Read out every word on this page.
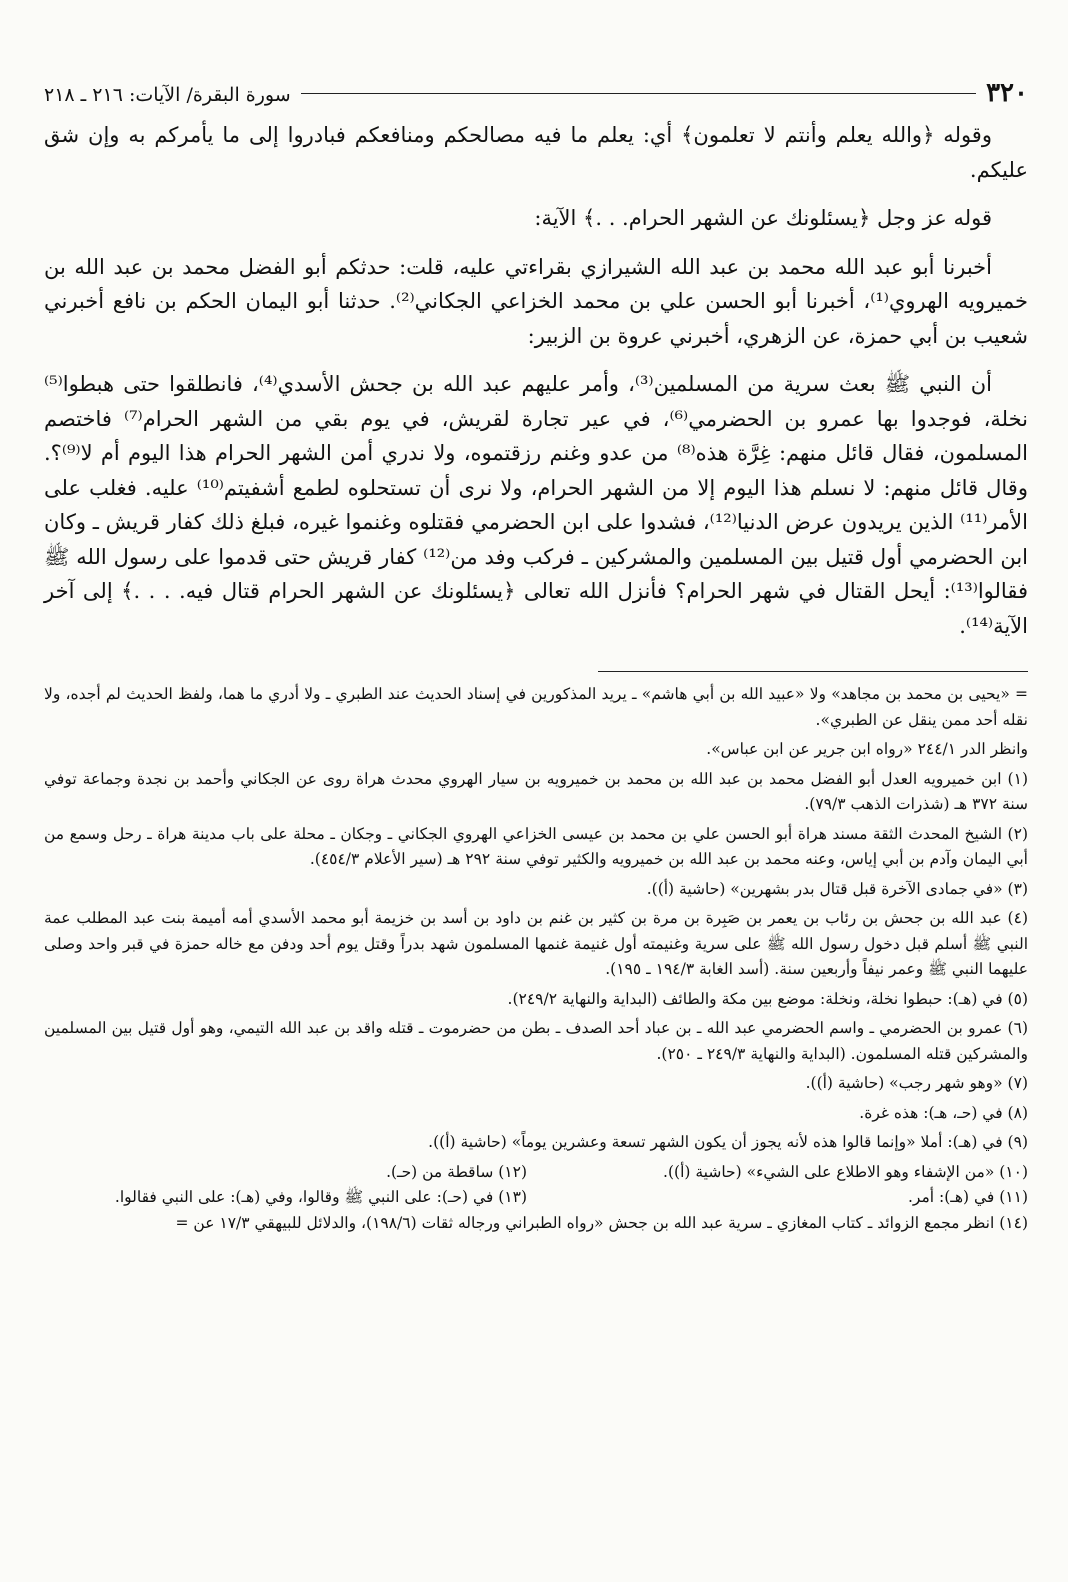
٣٢٠
سورة البقرة/ الآيات: ٢١٦ ـ ٢١٨

وقوله ﴿والله يعلم وأنتم لا تعلمون﴾ أي: يعلم ما فيه مصالحكم ومنافعكم فبادروا إلى ما يأمركم به وإن شق عليكم.

قوله عز وجل ﴿يسئلونك عن الشهر الحرام. . .﴾ الآية:

أخبرنا أبو عبد الله محمد بن عبد الله الشيرازي بقراءتي عليه، قلت: حدثكم أبو الفضل محمد بن عبد الله بن خميرويه الهروي⁽¹⁾، أخبرنا أبو الحسن علي بن محمد الخزاعي الجكاني⁽²⁾. حدثنا أبو اليمان الحكم بن نافع أخبرني شعيب بن أبي حمزة، عن الزهري، أخبرني عروة بن الزبير:

أن النبي ﷺ بعث سرية من المسلمين⁽³⁾، وأمر عليهم عبد الله بن جحش الأسدي⁽⁴⁾، فانطلقوا حتى هبطوا⁽⁵⁾ نخلة، فوجدوا بها عمرو بن الحضرمي⁽⁶⁾، في عير تجارة لقريش، في يوم بقي من الشهر الحرام⁽⁷⁾ فاختصم المسلمون، فقال قائل منهم: غِرَّة هذه⁽⁸⁾ من عدو وغنم رزقتموه، ولا ندري أمن الشهر الحرام هذا اليوم أم لا⁽⁹⁾؟. وقال قائل منهم: لا نسلم هذا اليوم إلا من الشهر الحرام، ولا نرى أن تستحلوه لطمع أشفيتم⁽¹⁰⁾ عليه. فغلب على الأمر⁽¹¹⁾ الذين يريدون عرض الدنيا⁽¹²⁾، فشدوا على ابن الحضرمي فقتلوه وغنموا غيره، فبلغ ذلك كفار قريش ـ وكان ابن الحضرمي أول قتيل بين المسلمين والمشركين ـ فركب وفد من⁽¹²⁾ كفار قريش حتى قدموا على رسول الله ﷺ فقالوا⁽¹³⁾: أيحل القتال في شهر الحرام؟ فأنزل الله تعالى ﴿يسئلونك عن الشهر الحرام قتال فيه. . . .﴾ إلى آخر الآية⁽¹⁴⁾.

= «يحيى بن محمد بن مجاهد» ولا «عبيد الله بن أبي هاشم» ـ يريد المذكورين في إسناد الحديث عند الطبري ـ ولا أدري ما هما، ولفظ الحديث لم أجده، ولا نقله أحد ممن ينقل عن الطبري».

وانظر الدر ٢٤٤/١ «رواه ابن جرير عن ابن عباس».

(١) ابن خميرويه العدل أبو الفضل محمد بن عبد الله بن محمد بن خميرويه بن سيار الهروي محدث هراة روى عن الجكاني وأحمد بن نجدة وجماعة توفي سنة ٣٧٢ هـ (شذرات الذهب ٧٩/٣).

(٢) الشيخ المحدث الثقة مسند هراة أبو الحسن علي بن محمد بن عيسى الخزاعي الهروي الجكاني ـ وجكان ـ محلة على باب مدينة هراة ـ رحل وسمع من أبي اليمان وآدم بن أبي إياس، وعنه محمد بن عبد الله بن خميرويه والكثير توفي سنة ٢٩٢ هـ (سير الأعلام ٤٥٤/٣).

(٣) «في جمادى الآخرة قبل قتال بدر بشهرين» (حاشية (أ)).

(٤) عبد الله بن جحش بن رئاب بن يعمر بن صَبِرة بن مرة بن كثير بن غنم بن داود بن أسد بن خزيمة أبو محمد الأسدي أمه أميمة بنت عبد المطلب عمة النبي ﷺ أسلم قبل دخول رسول الله ﷺ على سرية وغنيمته أول غنيمة غنمها المسلمون شهد بدراً وقتل يوم أحد ودفن مع خاله حمزة في قبر واحد وصلى عليهما النبي ﷺ وعمر نيفاً وأربعين سنة. (أسد الغابة ١٩٤/٣ ـ ١٩٥).

(٥) في (هـ): حبطوا نخلة، ونخلة: موضع بين مكة والطائف (البداية والنهاية ٢٤٩/٢).

(٦) عمرو بن الحضرمي ـ واسم الحضرمي عبد الله ـ بن عباد أحد الصدف ـ بطن من حضرموت ـ قتله واقد بن عبد الله التيمي، وهو أول قتيل بين المسلمين والمشركين قتله المسلمون. (البداية والنهاية ٢٤٩/٣ ـ ٢٥٠).

(٧) «وهو شهر رجب» (حاشية (أ)).

(٨) في (حـ، هـ): هذه غرة.

(٩) في (هـ): أملا «وإنما قالوا هذه لأنه يجوز أن يكون الشهر تسعة وعشرين يوماً» (حاشية (أ)).

(١٠) «من الإشفاء وهو الاطلاع على الشيء» (حاشية (أ)).
(١٢) ساقطة من (حـ).
(١١) في (هـ): أمر.
(١٣) في (حـ): على النبي ﷺ وقالوا، وفي (هـ): على النبي فقالوا.

(١٤) انظر مجمع الزوائد ـ كتاب المغازي ـ سرية عبد الله بن جحش «رواه الطبراني ورجاله ثقات (١٩٨/٦)، والدلائل للبيهقي ١٧/٣ عن =
